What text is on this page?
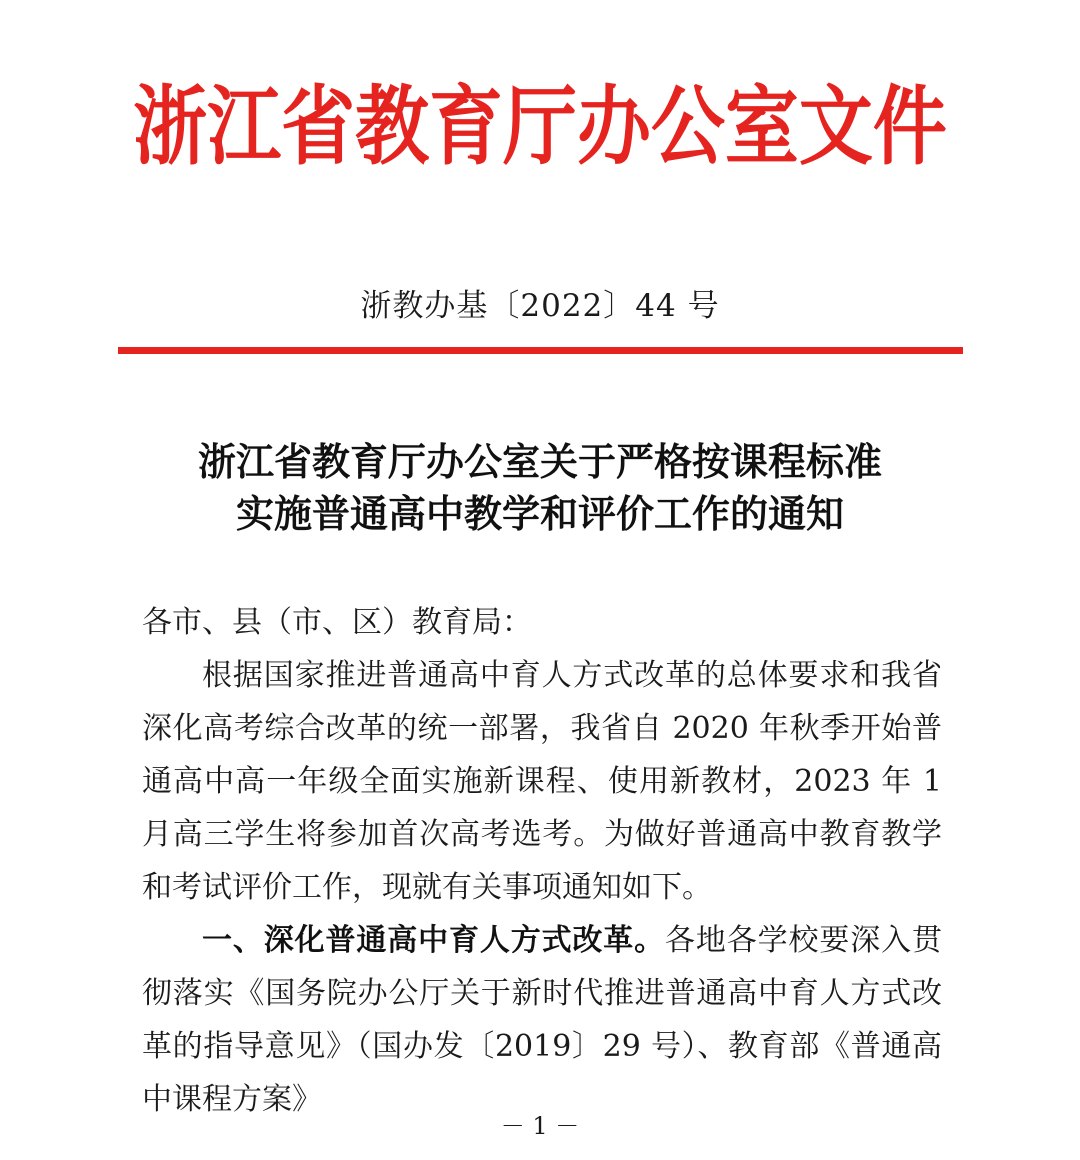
浙江省教育厅办公室文件
浙教办基〔2022〕44 号
浙江省教育厅办公室关于严格按课程标准
实施普通高中教学和评价工作的通知

各市、县（市、区）教育局：

根据国家推进普通高中育人方式改革的总体要求和我省深化高考综合改革的统一部署，我省自 2020 年秋季开始普通高中高一年级全面实施新课程、使用新教材，2023 年 1 月高三学生将参加首次高考选考。为做好普通高中教育教学和考试评价工作，现就有关事项通知如下。

一、深化普通高中育人方式改革。各地各学校要深入贯彻落实《国务院办公厅关于新时代推进普通高中育人方式改革的指导意见》（国办发〔2019〕29 号）、教育部《普通高中课程方案》

－ 1 －
